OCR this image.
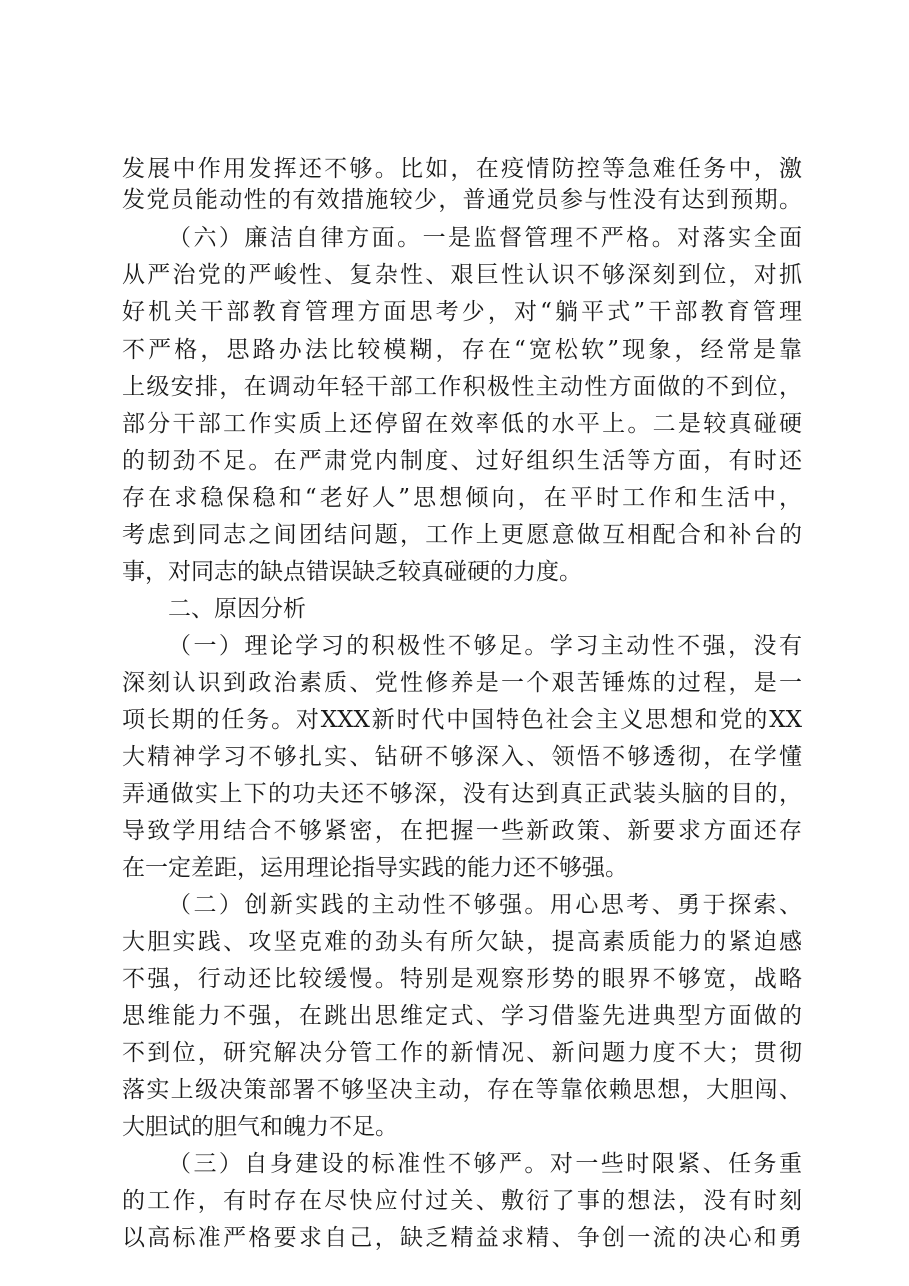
发展中作用发挥还不够。比如，在疫情防控等急难任务中，激
发党员能动性的有效措施较少，普通党员参与性没有达到预期。
（六）廉洁自律方面。一是监督管理不严格。对落实全面
从严治党的严峻性、复杂性、艰巨性认识不够深刻到位，对抓
好机关干部教育管理方面思考少，对“躺平式”干部教育管理
不严格，思路办法比较模糊，存在“宽松软”现象，经常是靠
上级安排，在调动年轻干部工作积极性主动性方面做的不到位，
部分干部工作实质上还停留在效率低的水平上。二是较真碰硬
的韧劲不足。在严肃党内制度、过好组织生活等方面，有时还
存在求稳保稳和“老好人”思想倾向，在平时工作和生活中，
考虑到同志之间团结问题，工作上更愿意做互相配合和补台的
事，对同志的缺点错误缺乏较真碰硬的力度。
二、原因分析
（一）理论学习的积极性不够足。学习主动性不强，没有
深刻认识到政治素质、党性修养是一个艰苦锤炼的过程，是一
项长期的任务。对XXX新时代中国特色社会主义思想和党的XX
大精神学习不够扎实、钻研不够深入、领悟不够透彻，在学懂
弄通做实上下的功夫还不够深，没有达到真正武装头脑的目的，
导致学用结合不够紧密，在把握一些新政策、新要求方面还存
在一定差距，运用理论指导实践的能力还不够强。
（二）创新实践的主动性不够强。用心思考、勇于探索、
大胆实践、攻坚克难的劲头有所欠缺，提高素质能力的紧迫感
不强，行动还比较缓慢。特别是观察形势的眼界不够宽，战略
思维能力不强，在跳出思维定式、学习借鉴先进典型方面做的
不到位，研究解决分管工作的新情况、新问题力度不大；贯彻
落实上级决策部署不够坚决主动，存在等靠依赖思想，大胆闯、
大胆试的胆气和魄力不足。
（三）自身建设的标准性不够严。对一些时限紧、任务重
的工作，有时存在尽快应付过关、敷衍了事的想法，没有时刻
以高标准严格要求自己，缺乏精益求精、争创一流的决心和勇
